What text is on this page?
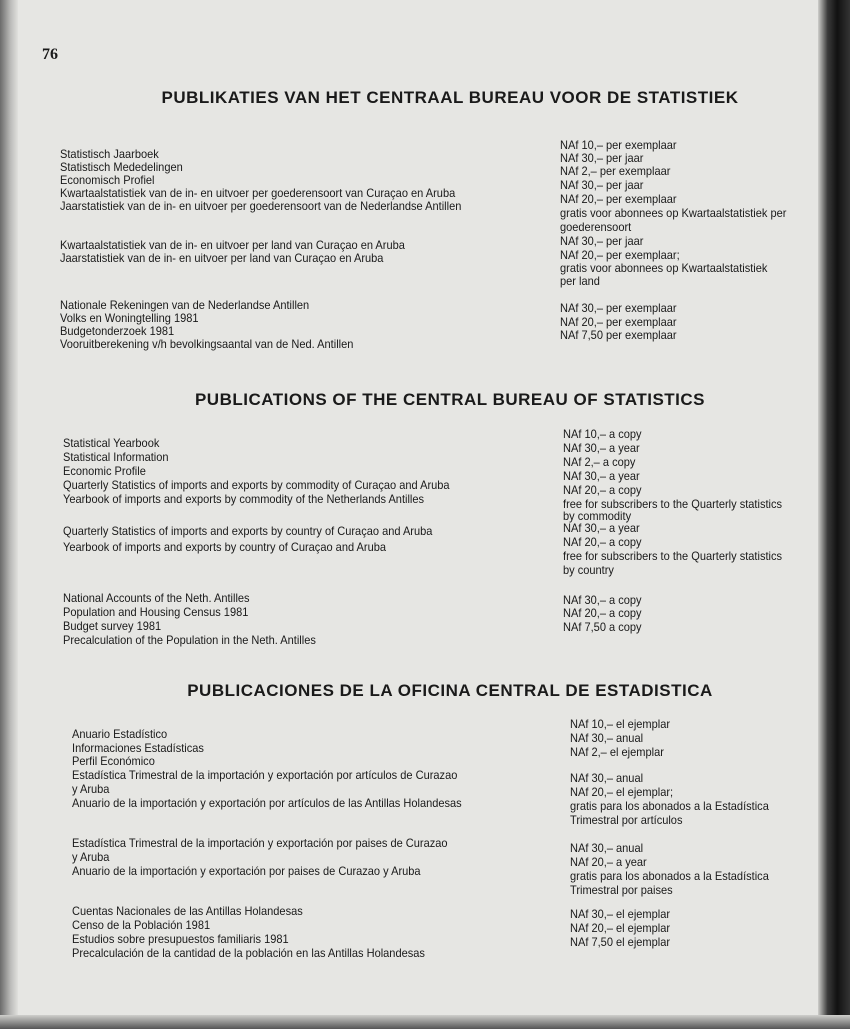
76
PUBLIKATIES VAN HET CENTRAAL BUREAU VOOR DE STATISTIEK
Statistisch Jaarboek
Statistisch Mededelingen
Economisch Profiel
Kwartaalstatistiek van de in- en uitvoer per goederensoort van Curaçao en Aruba
Jaarstatistiek van de in- en uitvoer per goederensoort van de Nederlandse Antillen
Kwartaalstatistiek van de in- en uitvoer per land van Curaçao en Aruba
Jaarstatistiek van de in- en uitvoer per land van Curaçao en Aruba
Nationale Rekeningen van de Nederlandse Antillen
Volks en Woningtelling 1981
Budgetonderzoek 1981
Vooruitberekening v/h bevolkingsaantal van de Ned. Antillen
NAf 10,– per exemplaar
NAf 30,– per jaar
NAf 2,– per exemplaar
NAf 30,– per jaar
NAf 20,– per exemplaar
gratis voor abonnees op Kwartaalstatistiek per
goederensoort
NAf 30,– per jaar
NAf 20,– per exemplaar;
gratis voor abonnees op Kwartaalstatistiek
per land
NAf 30,– per exemplaar
NAf 20,– per exemplaar
NAf 7,50 per exemplaar
PUBLICATIONS OF THE CENTRAL BUREAU OF STATISTICS
Statistical Yearbook
Statistical Information
Economic Profile
Quarterly Statistics of imports and exports by commodity of Curaçao and Aruba
Yearbook of imports and exports by commodity of the Netherlands Antilles
Quarterly Statistics of imports and exports by country of Curaçao and Aruba
Yearbook of imports and exports by country of Curaçao and Aruba
National Accounts of the Neth. Antilles
Population and Housing Census 1981
Budget survey 1981
Precalculation of the Population in the Neth. Antilles
NAf 10,– a copy
NAf 30,– a year
NAf 2,– a copy
NAf 30,– a year
NAf 20,– a copy
free for subscribers to the Quarterly statistics
by commodity
NAf 30,– a year
NAf 20,– a copy
free for subscribers to the Quarterly statistics
by country
NAf 30,– a copy
NAf 20,– a copy
NAf 7,50 a copy
PUBLICACIONES DE LA OFICINA CENTRAL DE ESTADISTICA
Anuario Estadístico
Informaciones Estadísticas
Perfil Económico
Estadística Trimestral de la importación y exportación por artículos de Curazao
y Aruba
Anuario de la importación y exportación por artículos de las Antillas Holandesas
Estadística Trimestral de la importación y exportación por paises de Curazao
y Aruba
Anuario de la importación y exportación por paises de Curazao y Aruba
Cuentas Nacionales de las Antillas Holandesas
Censo de la Población 1981
Estudios sobre presupuestos familiaris 1981
Precalculación de la cantidad de la población en las Antillas Holandesas
NAf 10,– el ejemplar
NAf 30,– anual
NAf 2,– el ejemplar
NAf 30,– anual
NAf 20,– el ejemplar;
gratis para los abonados a la Estadística
Trimestral por artículos
NAf 30,– anual
NAf 20,– a year
gratis para los abonados a la Estadística
Trimestral por paises
NAf 30,– el ejemplar
NAf 20,– el ejemplar
NAf 7,50 el ejemplar
